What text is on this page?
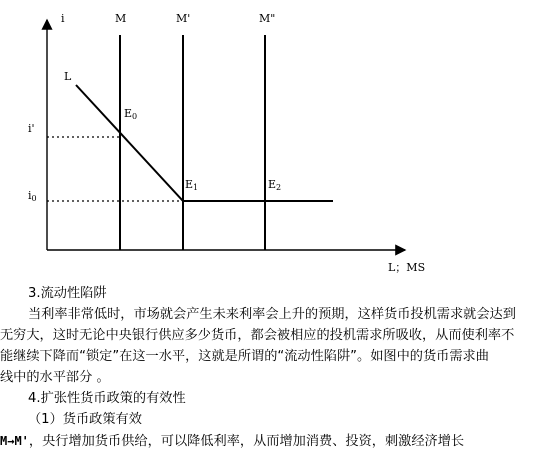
i
L；MS
M	M'	M"
L
i'
i0
E0
E1	E2
3.流动性陷阱
当利率非常低时，市场就会产生未来利率会上升的预期，这样货币投机需求就会达到
无穷大，这时无论中央银行供应多少货币，都会被相应的投机需求所吸收，从而使利率不
能继续下降而“锁定”在这一水平，这就是所谓的“流动性陷阱”。如图中的货币需求曲
线中的水平部分 。
4.扩张性货币政策的有效性
（1）货币政策有效
M→M'，央行增加货币供给，可以降低利率，从而增加消费、投资，刺激经济增长
